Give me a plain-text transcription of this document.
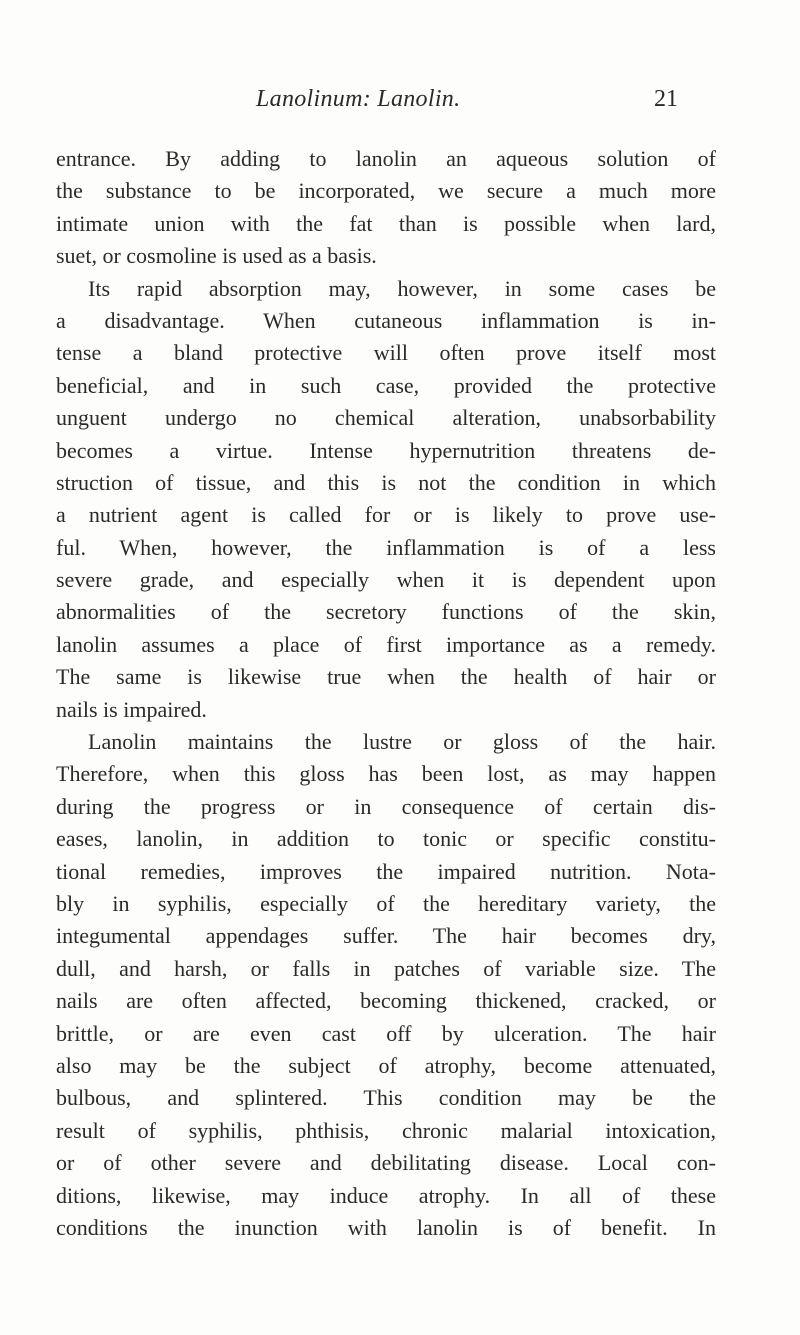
Lanolinum: Lanolin.	21
entrance. By adding to lanolin an aqueous solution of
the substance to be incorporated, we secure a much more
intimate union with the fat than is possible when lard,
suet, or cosmoline is used as a basis.
Its rapid absorption may, however, in some cases be
a disadvantage. When cutaneous inflammation is in-
tense a bland protective will often prove itself most
beneficial, and in such case, provided the protective
unguent undergo no chemical alteration, unabsorbability
becomes a virtue. Intense hypernutrition threatens de-
struction of tissue, and this is not the condition in which
a nutrient agent is called for or is likely to prove use-
ful. When, however, the inflammation is of a less
severe grade, and especially when it is dependent upon
abnormalities of the secretory functions of the skin,
lanolin assumes a place of first importance as a remedy.
The same is likewise true when the health of hair or
nails is impaired.
Lanolin maintains the lustre or gloss of the hair.
Therefore, when this gloss has been lost, as may happen
during the progress or in consequence of certain dis-
eases, lanolin, in addition to tonic or specific constitu-
tional remedies, improves the impaired nutrition. Nota-
bly in syphilis, especially of the hereditary variety, the
integumental appendages suffer. The hair becomes dry,
dull, and harsh, or falls in patches of variable size. The
nails are often affected, becoming thickened, cracked, or
brittle, or are even cast off by ulceration. The hair
also may be the subject of atrophy, become attenuated,
bulbous, and splintered. This condition may be the
result of syphilis, phthisis, chronic malarial intoxication,
or of other severe and debilitating disease. Local con-
ditions, likewise, may induce atrophy. In all of these
conditions the inunction with lanolin is of benefit. In
